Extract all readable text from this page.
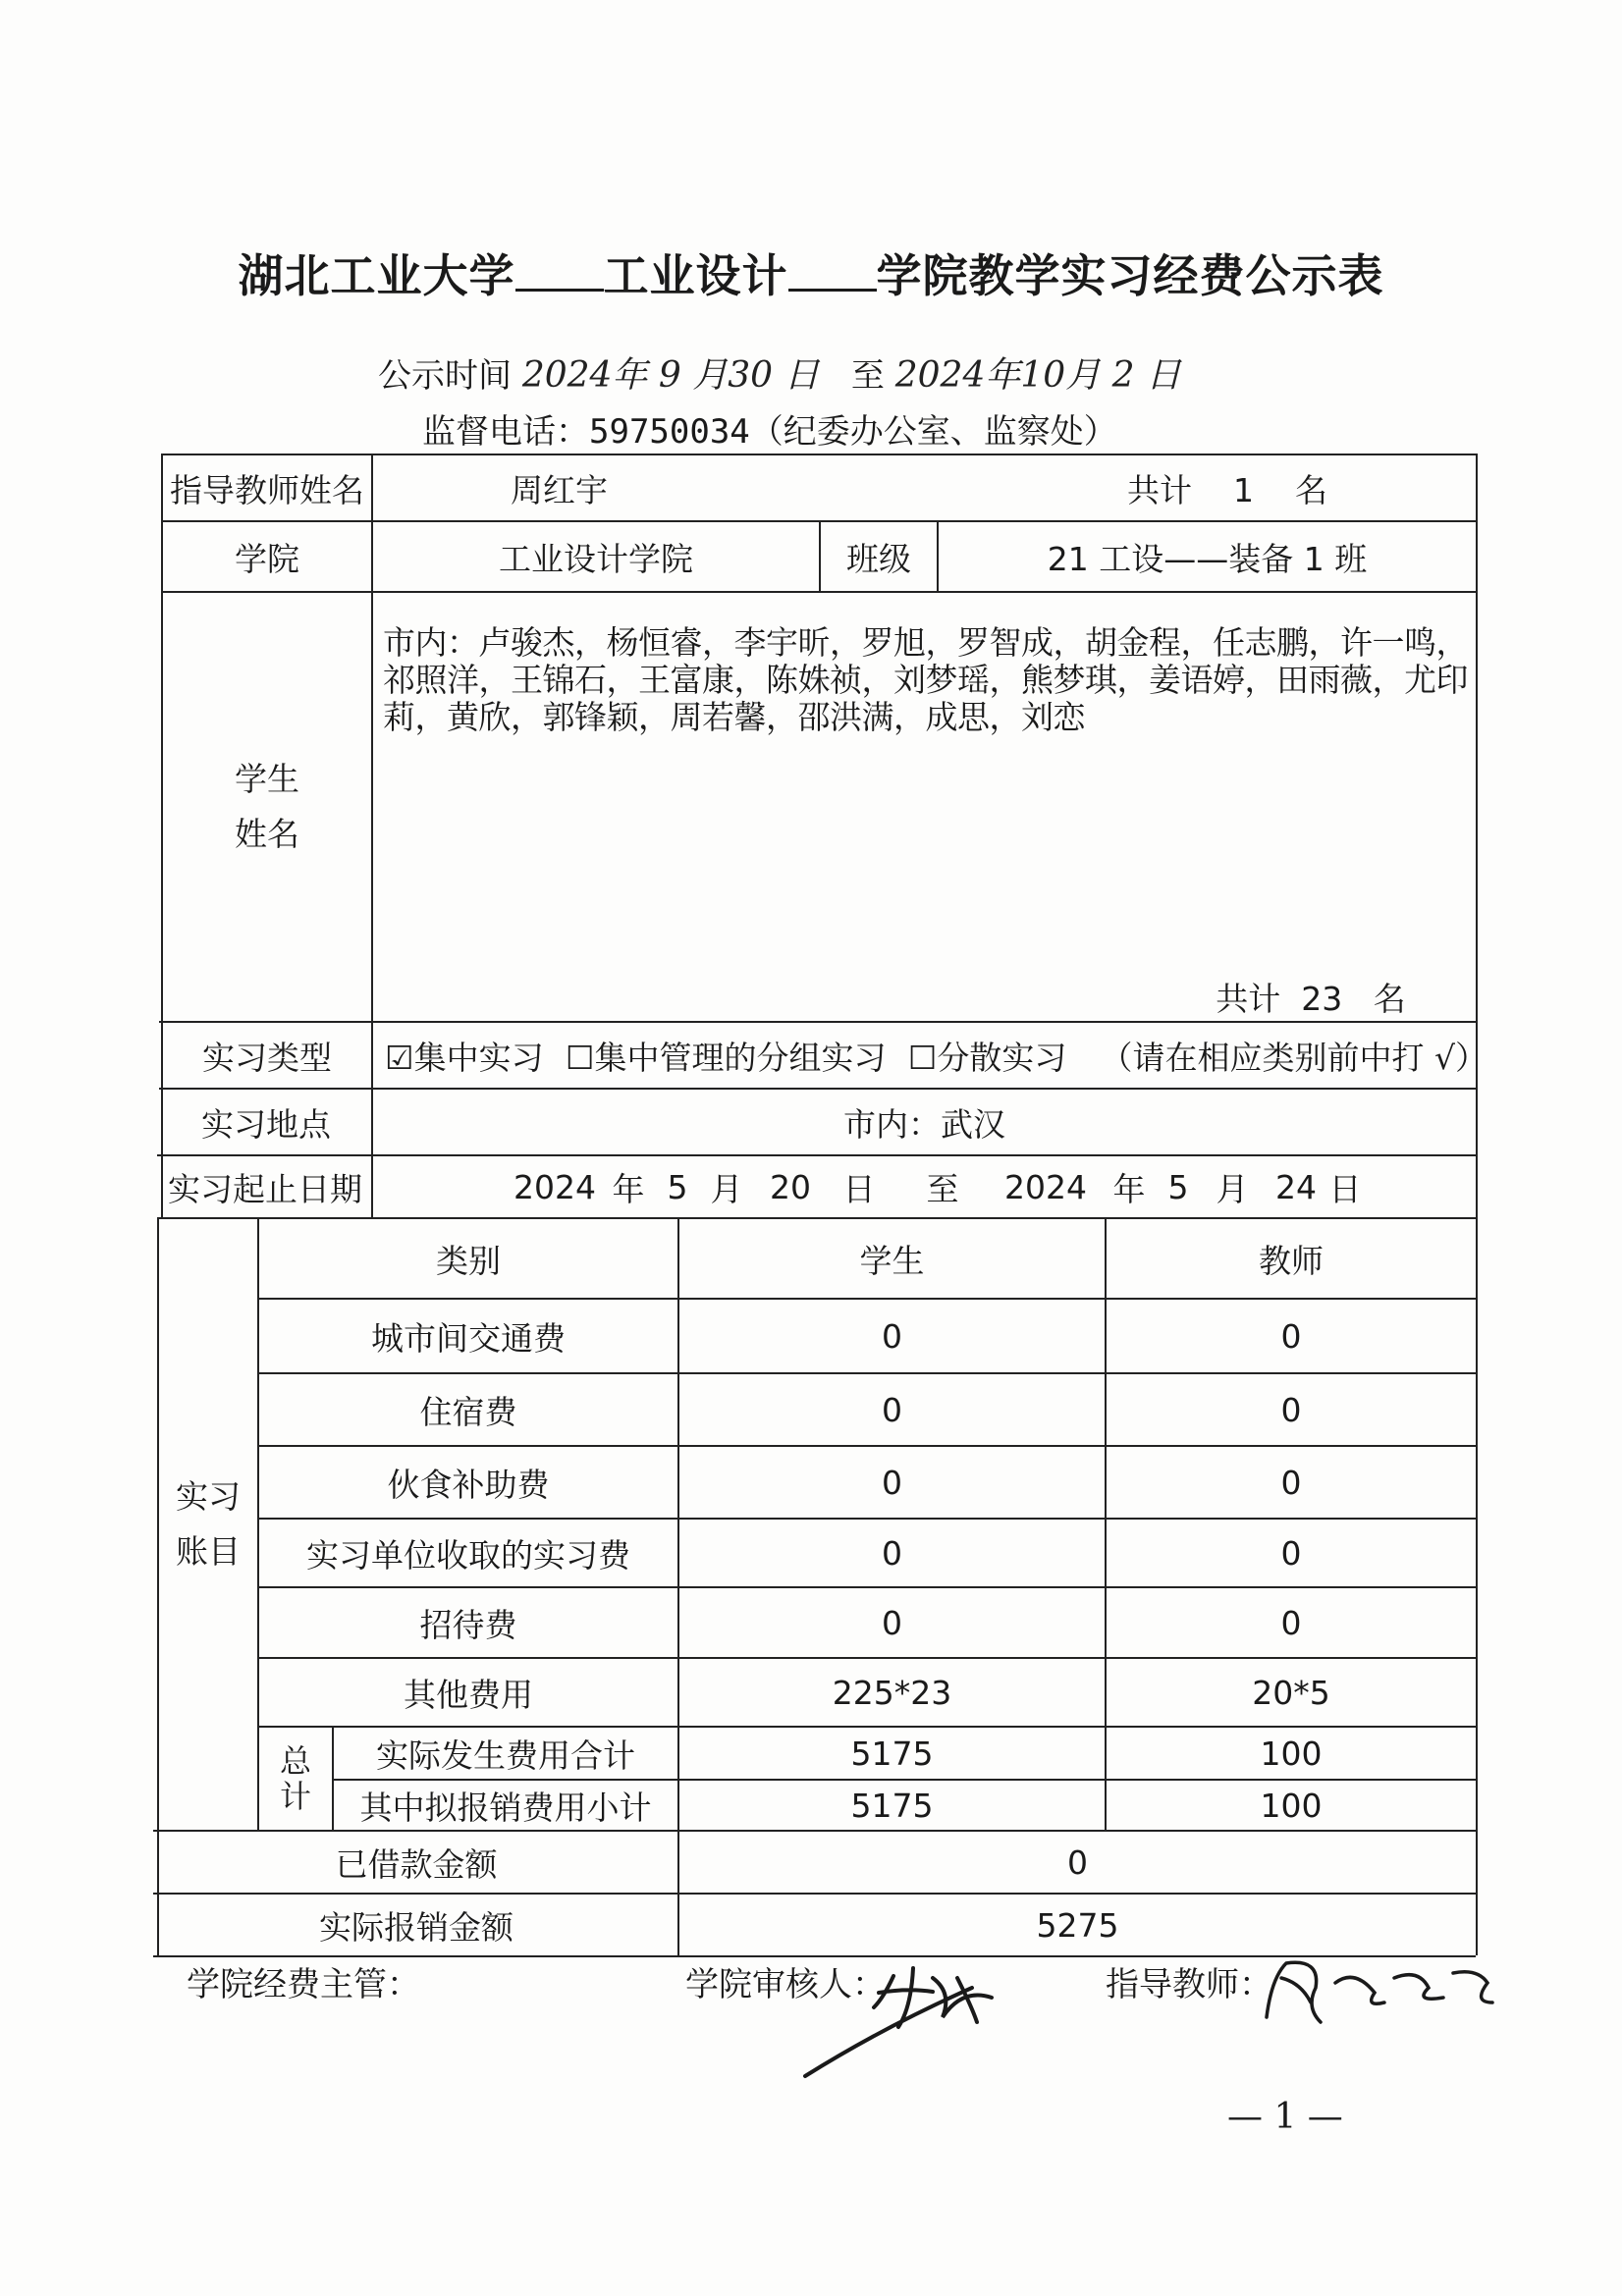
湖北工业大学 工业设计 学院教学实习经费公示表
公示时间 2024年 9 月30 日 至 2024年10月 2 日
监督电话：59750034（纪委办公室、监察处）
指导教师姓名	周红宇	共计    1    名
学院	工业设计学院	班级	21 工设——装备 1 班
学生
姓名
市内：卢骏杰，杨恒睿，李宇昕，罗旭，罗智成，胡金程，任志鹏，许一鸣，祁照洋，王锦石，王富康，陈姝祯，刘梦瑶，熊梦琪，姜语婷，田雨薇，尤印莉，黄欣，郭锋颖，周若馨，邵洪满，成思，刘恋
共计  23   名
实习类型	☑集中实习 ☐集中管理的分组实习 ☐分散实习 （请在相应类别前中打 √）
实习地点	市内：武汉
实习起止日期	2024 年 5 月 20 日	至	2024 年 5 月 24 日
实习
账目
类别	学生	教师
城市间交通费	0	0
住宿费	0	0
伙食补助费	0	0
实习单位收取的实习费	0	0
招待费	0	0
其他费用	225*23	20*5
总
计
实际发生费用合计	5175	100
其中拟报销费用小计	5175	100
已借款金额	0
实际报销金额	5275
学院经费主管：	学院审核人：	指导教师：
— 1 —
